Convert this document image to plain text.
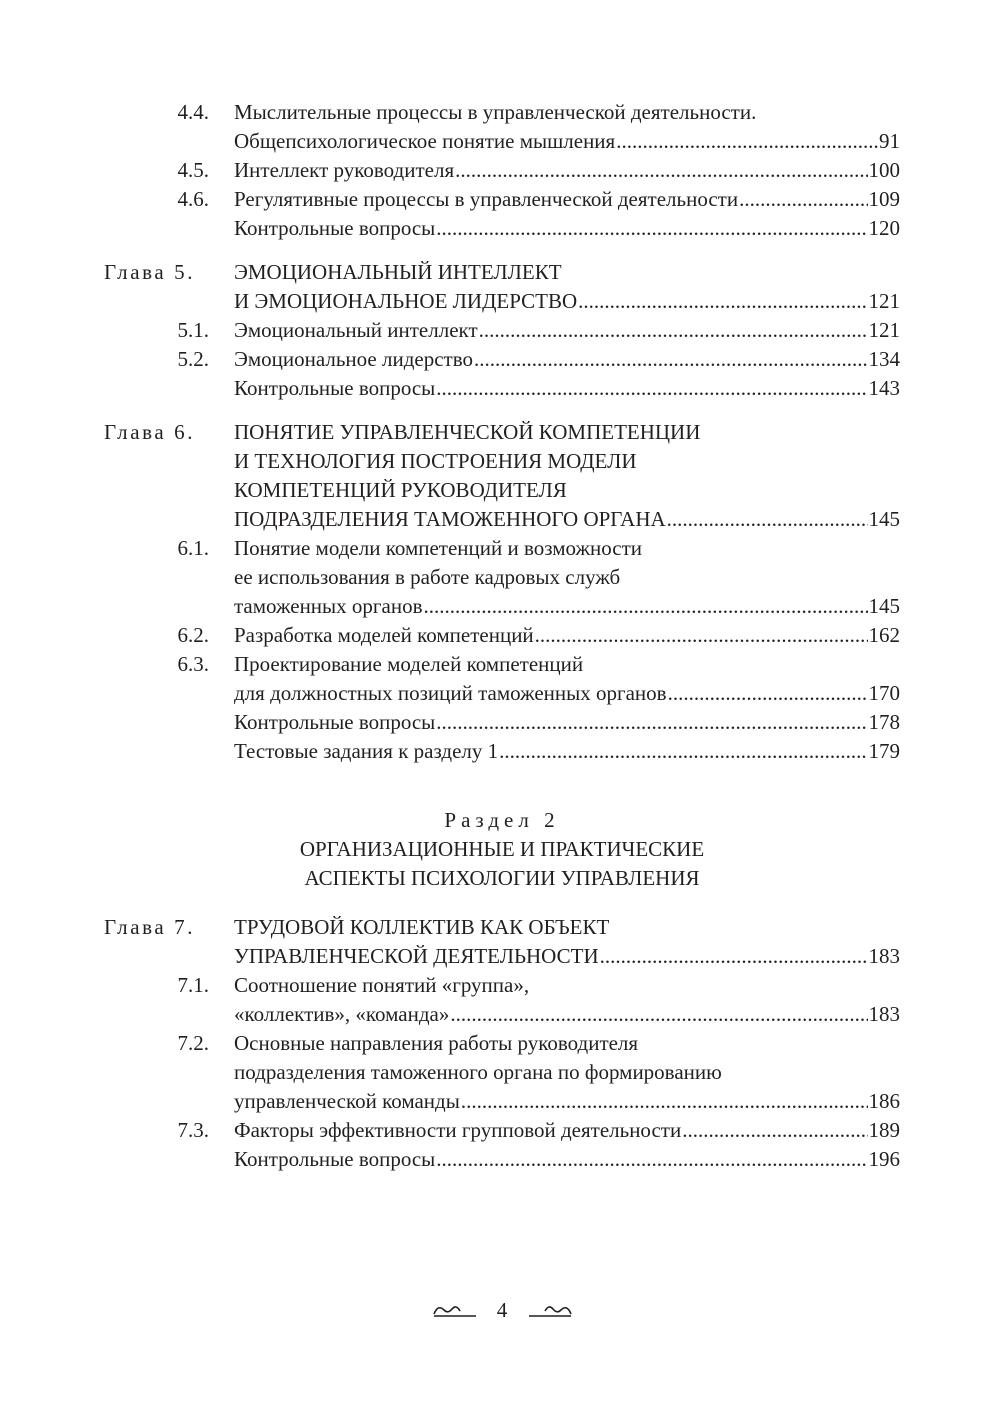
4.4. Мыслительные процессы в управленческой деятельности.
Общепсихологическое понятие мышления .....	91
4.5. Интеллект руководителя .....	100
4.6. Регулятивные процессы в управленческой деятельности .....	109
Контрольные вопросы .....	120
Глава 5. ЭМОЦИОНАЛЬНЫЙ ИНТЕЛЛЕКТ
И ЭМОЦИОНАЛЬНОЕ ЛИДЕРСТВО .....	121
5.1. Эмоциональный интеллект .....	121
5.2. Эмоциональное лидерство .....	134
Контрольные вопросы .....	143
Глава 6. ПОНЯТИЕ УПРАВЛЕНЧЕСКОЙ КОМПЕТЕНЦИИ
И ТЕХНОЛОГИЯ ПОСТРОЕНИЯ МОДЕЛИ
КОМПЕТЕНЦИЙ РУКОВОДИТЕЛЯ
ПОДРАЗДЕЛЕНИЯ ТАМОЖЕННОГО ОРГАНА .....	145
6.1. Понятие модели компетенций и возможности
ее использования в работе кадровых служб
таможенных органов .....	145
6.2. Разработка моделей компетенций .....	162
6.3. Проектирование моделей компетенций
для должностных позиций таможенных органов .....	170
Контрольные вопросы .....	178
Тестовые задания к разделу 1 .....	179
Раздел 2
ОРГАНИЗАЦИОННЫЕ И ПРАКТИЧЕСКИЕ
АСПЕКТЫ ПСИХОЛОГИИ УПРАВЛЕНИЯ
Глава 7. ТРУДОВОЙ КОЛЛЕКТИВ КАК ОБЪЕКТ
УПРАВЛЕНЧЕСКОЙ ДЕЯТЕЛЬНОСТИ .....	183
7.1. Соотношение понятий «группа»,
«коллектив», «команда» .....	183
7.2. Основные направления работы руководителя
подразделения таможенного органа по формированию
управленческой команды .....	186
7.3. Факторы эффективности групповой деятельности .....	189
Контрольные вопросы .....	196
4
